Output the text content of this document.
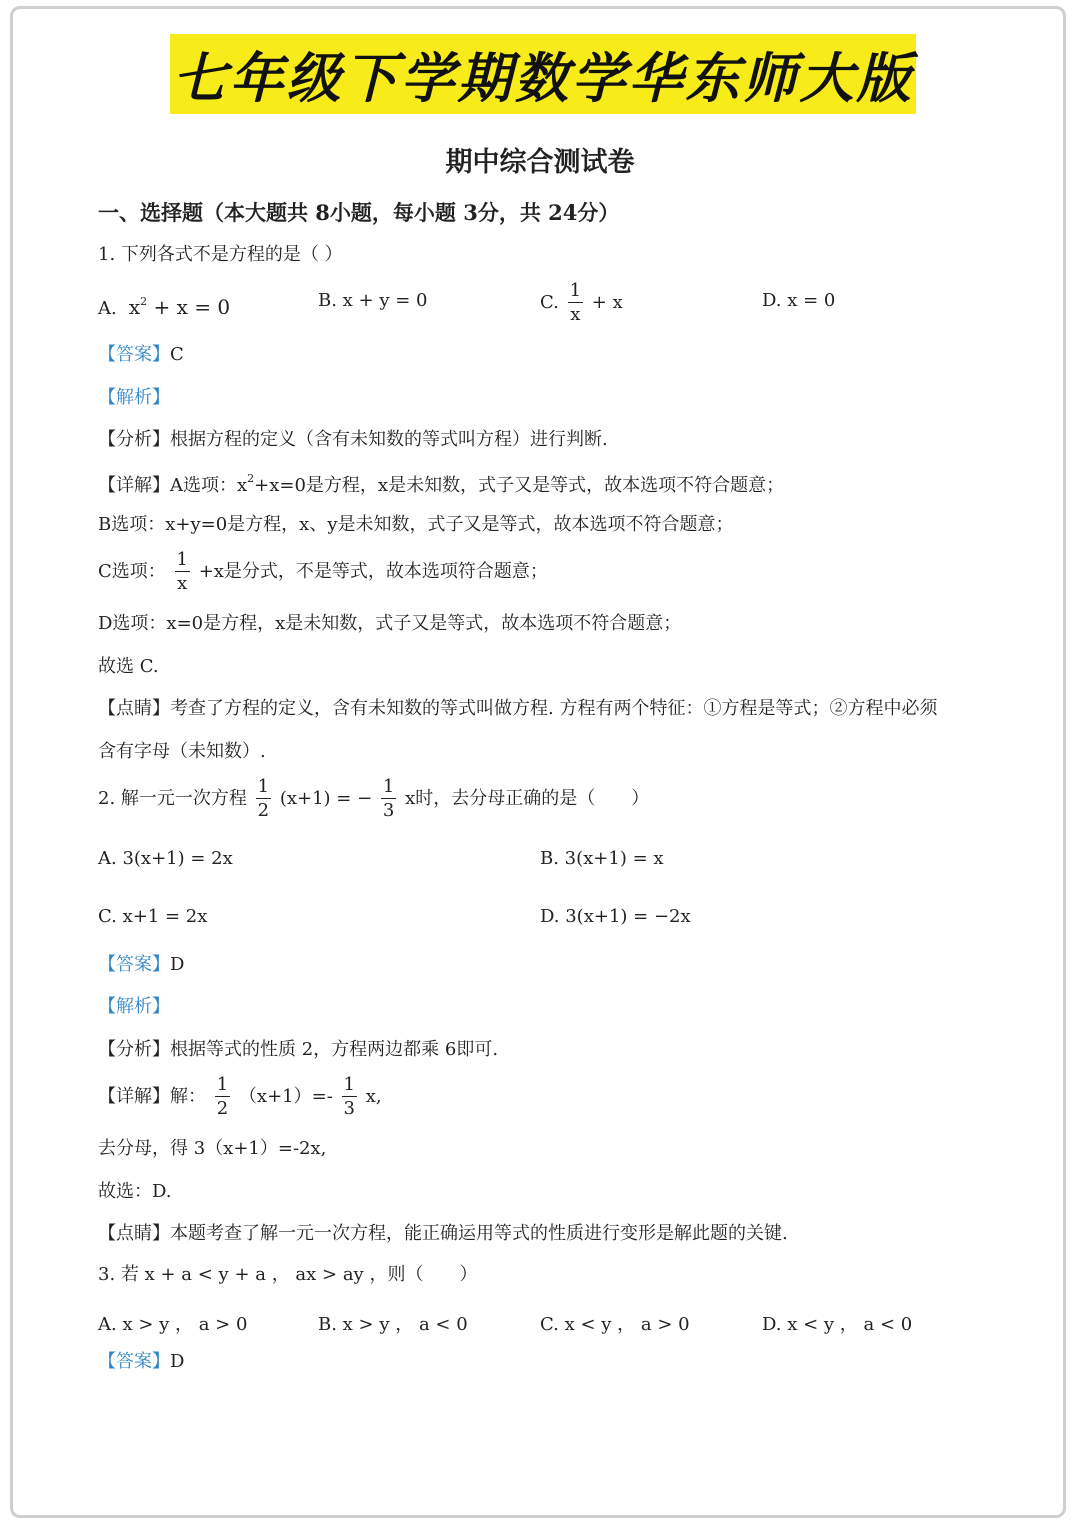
七年级下学期数学华东师大版
期中综合测试卷
一、选择题（本大题共 8小题，每小题 3分，共 24分）
1. 下列各式不是方程的是（ ）
A.  $x^2 + x = 0$	B. x + y = 0	C. $\frac{1}{x} + x$	D. x = 0
【答案】C
【解析】
【分析】根据方程的定义（含有未知数的等式叫方程）进行判断.
【详解】A选项：$x^2+x=0$是方程，x是未知数，式子又是等式，故本选项不符合题意；
B选项：x+y=0是方程，x、y是未知数，式子又是等式，故本选项不符合题意；
C选项： $\frac{1}{x} +x$是分式，不是等式，故本选项符合题意；
D选项：x=0是方程，x是未知数，式子又是等式，故本选项不符合题意；
故选 C.
【点睛】考查了方程的定义，含有未知数的等式叫做方程. 方程有两个特征：①方程是等式；②方程中必须
含有字母（未知数）.
2. 解一元一次方程 $\frac{1}{2} (x+1)$ = − $\frac{1}{3}$ x时，去分母正确的是（　　）
A. 3(x+1) = 2x	B. 3(x+1) = x
C. x+1 = 2x	D. 3(x+1) = −2x
【答案】D
【解析】
【分析】根据等式的性质 2，方程两边都乘 6即可.
【详解】解： $\frac{1}{2} (x+1)=- \frac{1}{3} x$,
去分母，得 3（x+1）=-2x,
故选：D.
【点睛】本题考查了解一元一次方程，能正确运用等式的性质进行变形是解此题的关键.
3. 若 x + a < y + a ， ax > ay ，则（　　）
A. x > y ， a > 0	B. x > y ， a < 0	C. x < y ， a > 0	D. x < y ， a < 0
【答案】D
